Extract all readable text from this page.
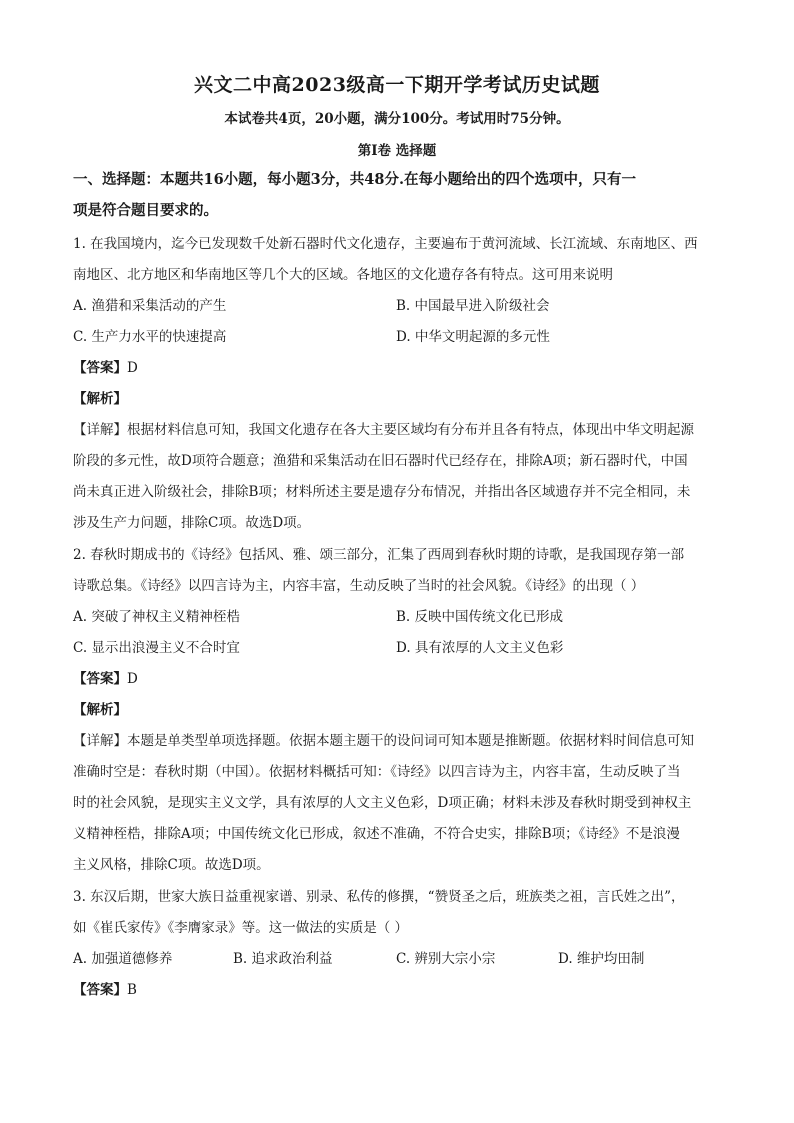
兴文二中高2023级高一下期开学考试历史试题
本试卷共4页，20小题，满分100分。考试用时75分钟。
第Ⅰ卷 选择题
一、选择题：本题共16小题，每小题3分，共48分.在每小题给出的四个选项中，只有一
项是符合题目要求的。
1. 在我国境内，迄今已发现数千处新石器时代文化遗存，主要遍布于黄河流域、长江流域、东南地区、西
南地区、北方地区和华南地区等几个大的区域。各地区的文化遗存各有特点。这可用来说明
A. 渔猎和采集活动的产生	B. 中国最早进入阶级社会
C. 生产力水平的快速提高	D. 中华文明起源的多元性
【答案】D
【解析】
【详解】根据材料信息可知，我国文化遗存在各大主要区域均有分布并且各有特点，体现出中华文明起源
阶段的多元性，故D项符合题意；渔猎和采集活动在旧石器时代已经存在，排除A项；新石器时代，中国
尚未真正进入阶级社会，排除B项；材料所述主要是遗存分布情况，并指出各区域遗存并不完全相同，未
涉及生产力问题，排除C项。故选D项。
2. 春秋时期成书的《诗经》包括风、雅、颂三部分，汇集了西周到春秋时期的诗歌，是我国现存第一部
诗歌总集。《诗经》以四言诗为主，内容丰富，生动反映了当时的社会风貌。《诗经》的出现（ ）
A. 突破了神权主义精神桎梏	B. 反映中国传统文化已形成
C. 显示出浪漫主义不合时宜	D. 具有浓厚的人文主义色彩
【答案】D
【解析】
【详解】本题是单类型单项选择题。依据本题主题干的设问词可知本题是推断题。依据材料时间信息可知
准确时空是：春秋时期（中国）。依据材料概括可知：《诗经》以四言诗为主，内容丰富，生动反映了当
时的社会风貌，是现实主义文学，具有浓厚的人文主义色彩，D项正确；材料未涉及春秋时期受到神权主
义精神桎梏，排除A项；中国传统文化已形成，叙述不准确，不符合史实，排除B项；《诗经》不是浪漫
主义风格，排除C项。故选D项。
3. 东汉后期，世家大族日益重视家谱、别录、私传的修撰，“赞贤圣之后，班族类之祖，言氏姓之出”，
如《崔氏家传》《李膺家录》等。这一做法的实质是（ ）
A. 加强道德修养	B. 追求政治利益	C. 辨别大宗小宗	D. 维护均田制
【答案】B
